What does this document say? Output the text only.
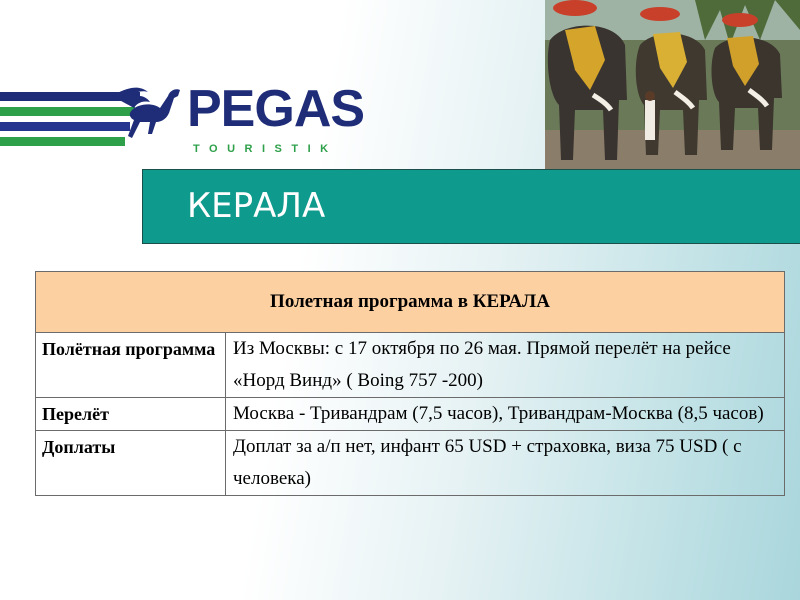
PEGAS
TOURISTIK
КЕРАЛА
Полетная программа в КЕРАЛА	
Полётная программа	Из Москвы: с 17 октября по 26 мая. Прямой перелёт на рейсе «Норд Винд» ( Boing 757 -200)
Перелёт	Москва - Тривандрам (7,5 часов), Тривандрам-Москва (8,5 часов)
Доплаты	Доплат за а/п нет, инфант 65 USD + страховка, виза 75 USD ( с человека)
